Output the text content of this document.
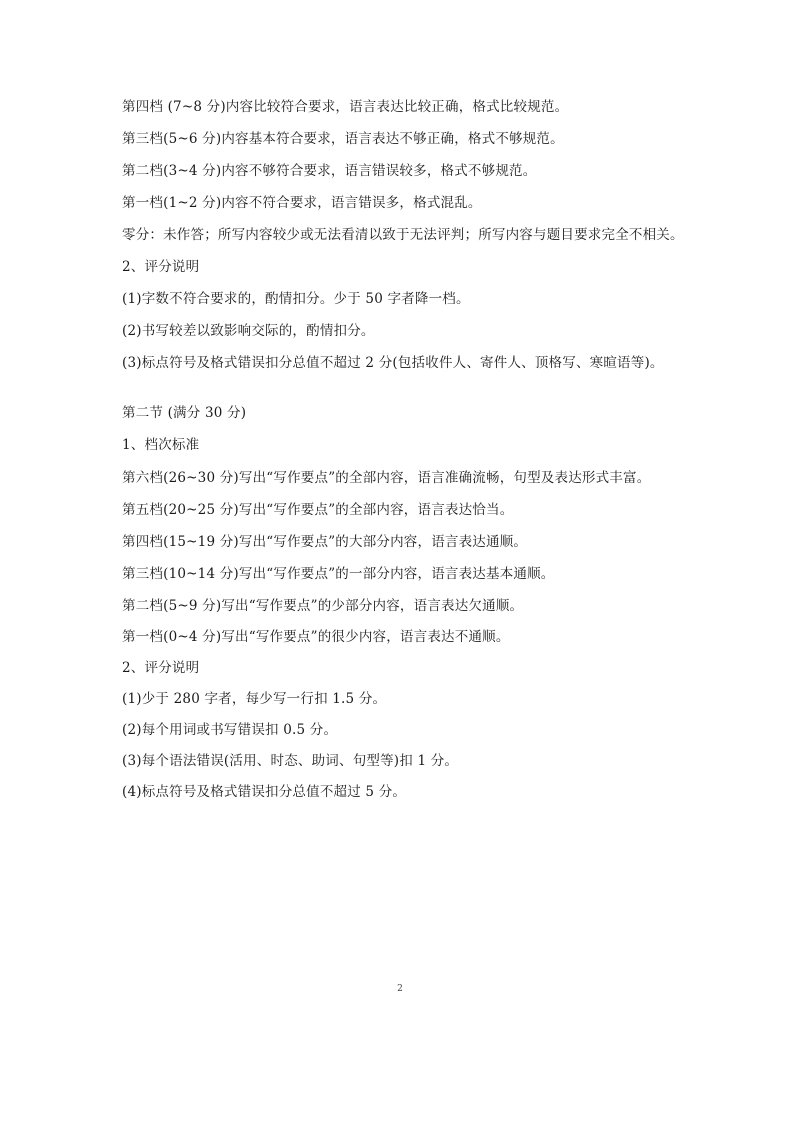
第四档 (7~8 分)内容比较符合要求，语言表达比较正确，格式比较规范。
第三档(5~6 分)内容基本符合要求，语言表达不够正确，格式不够规范。
第二档(3~4 分)内容不够符合要求，语言错误较多，格式不够规范。
第一档(1~2 分)内容不符合要求，语言错误多，格式混乱。
零分：未作答；所写内容较少或无法看清以致于无法评判；所写内容与题目要求完全不相关。
2、评分说明
(1)字数不符合要求的，酌情扣分。少于 50 字者降一档。
(2)书写较差以致影响交际的，酌情扣分。
(3)标点符号及格式错误扣分总值不超过 2 分(包括收件人、寄件人、顶格写、寒暄语等)。
第二节 (满分 30 分)
1、档次标准
第六档(26~30 分)写出“写作要点”的全部内容，语言准确流畅，句型及表达形式丰富。
第五档(20~25 分)写出“写作要点”的全部内容，语言表达恰当。
第四档(15~19 分)写出“写作要点”的大部分内容，语言表达通顺。
第三档(10~14 分)写出“写作要点”的一部分内容，语言表达基本通顺。
第二档(5~9 分)写出“写作要点”的少部分内容，语言表达欠通顺。
第一档(0~4 分)写出“写作要点”的很少内容，语言表达不通顺。
2、评分说明
(1)少于 280 字者，每少写一行扣 1.5 分。
(2)每个用词或书写错误扣 0.5 分。
(3)每个语法错误(活用、时态、助词、句型等)扣 1 分。
(4)标点符号及格式错误扣分总值不超过 5 分。
2
